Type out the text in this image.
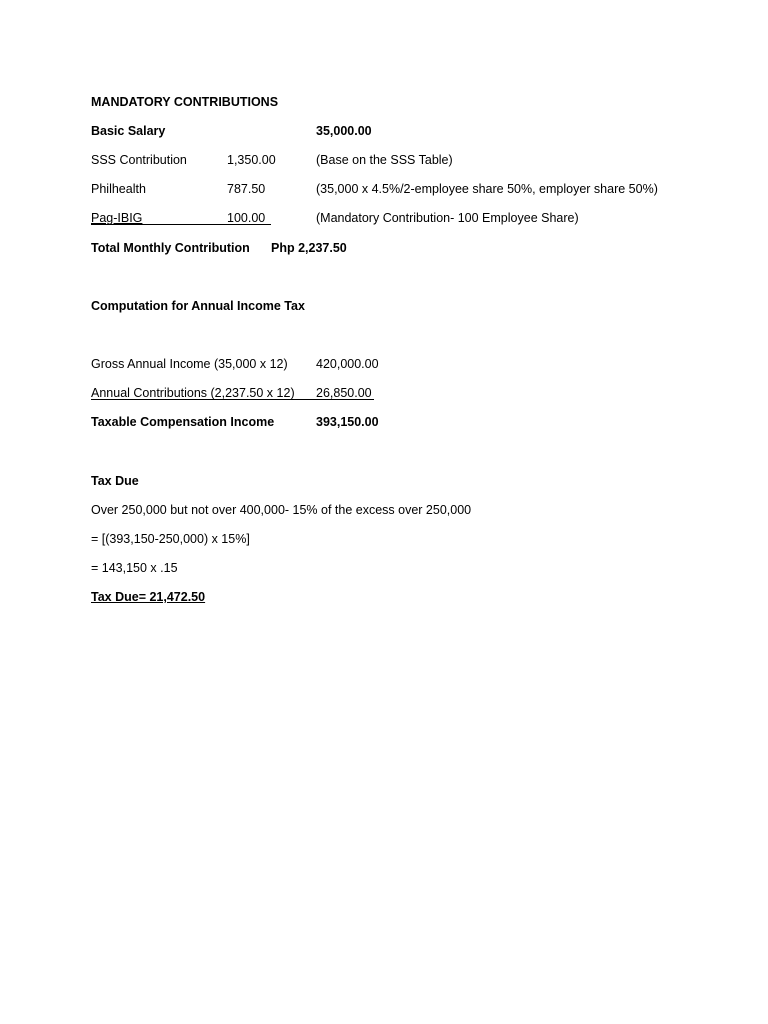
MANDATORY CONTRIBUTIONS
Basic Salary	35,000.00
SSS Contribution	1,350.00	(Base on the SSS Table)
Philhealth	787.50	(35,000 x 4.5%/2-employee share 50%, employer share 50%)
Pag-IBIG	100.00	(Mandatory Contribution- 100 Employee Share)
Total Monthly Contribution Php 2,237.50
Computation for Annual Income Tax
Gross Annual Income (35,000 x 12) 420,000.00
Annual Contributions (2,237.50 x 12) 26,850.00
Taxable Compensation Income	393,150.00
Tax Due
Over 250,000 but not over 400,000- 15% of the excess over 250,000
= [(393,150-250,000) x 15%]
= 143,150 x .15
Tax Due= 21,472.50
